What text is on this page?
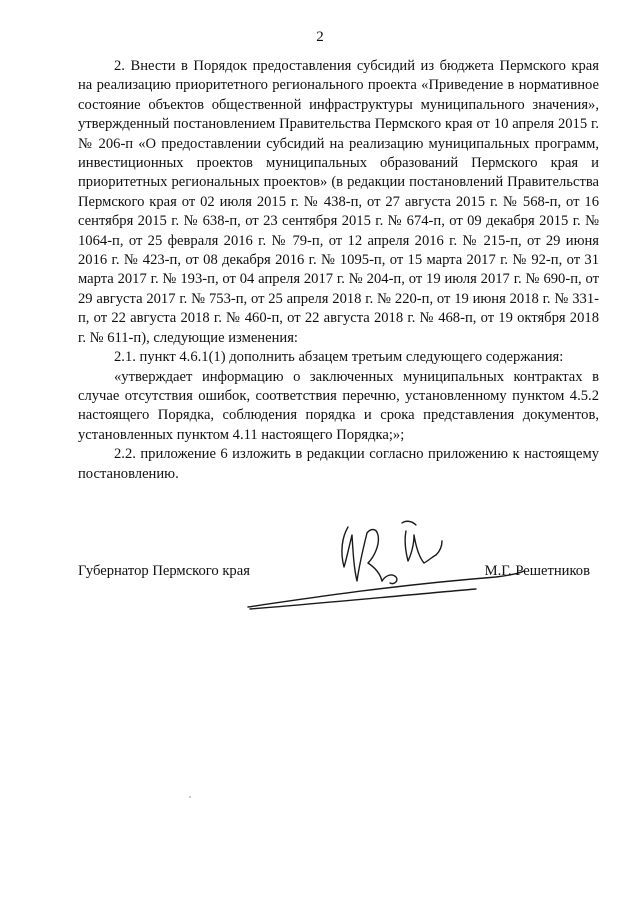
2

2. Внести в Порядок предоставления субсидий из бюджета Пермского края на реализацию приоритетного регионального проекта «Приведение в нормативное состояние объектов общественной инфраструктуры муниципального значения», утвержденный постановлением Правительства Пермского края от 10 апреля 2015 г. № 206-п «О предоставлении субсидий на реализацию муниципальных программ, инвестиционных проектов муниципальных образований Пермского края и приоритетных региональных проектов» (в редакции постановлений Правительства Пермского края от 02 июля 2015 г. № 438-п, от 27 августа 2015 г. № 568-п, от 16 сентября 2015 г. № 638-п, от 23 сентября 2015 г. № 674-п, от 09 декабря 2015 г. № 1064-п, от 25 февраля 2016 г. № 79-п, от 12 апреля 2016 г. № 215-п, от 29 июня 2016 г. № 423-п, от 08 декабря 2016 г. № 1095-п, от 15 марта 2017 г. № 92-п, от 31 марта 2017 г. № 193-п, от 04 апреля 2017 г. № 204-п, от 19 июля 2017 г. № 690-п, от 29 августа 2017 г. № 753-п, от 25 апреля 2018 г. № 220-п, от 19 июня 2018 г. № 331-п, от 22 августа 2018 г. № 460-п, от 22 августа 2018 г. № 468-п, от 19 октября 2018 г. № 611-п), следующие изменения:

2.1. пункт 4.6.1(1) дополнить абзацем третьим следующего содержания:

«утверждает информацию о заключенных муниципальных контрактах в случае отсутствия ошибок, соответствия перечню, установленному пунктом 4.5.2 настоящего Порядка, соблюдения порядка и срока представления документов, установленных пунктом 4.11 настоящего Порядка;»;

2.2. приложение 6 изложить в редакции согласно приложению к настоящему постановлению.

Губернатор Пермского края	М.Г. Решетников
